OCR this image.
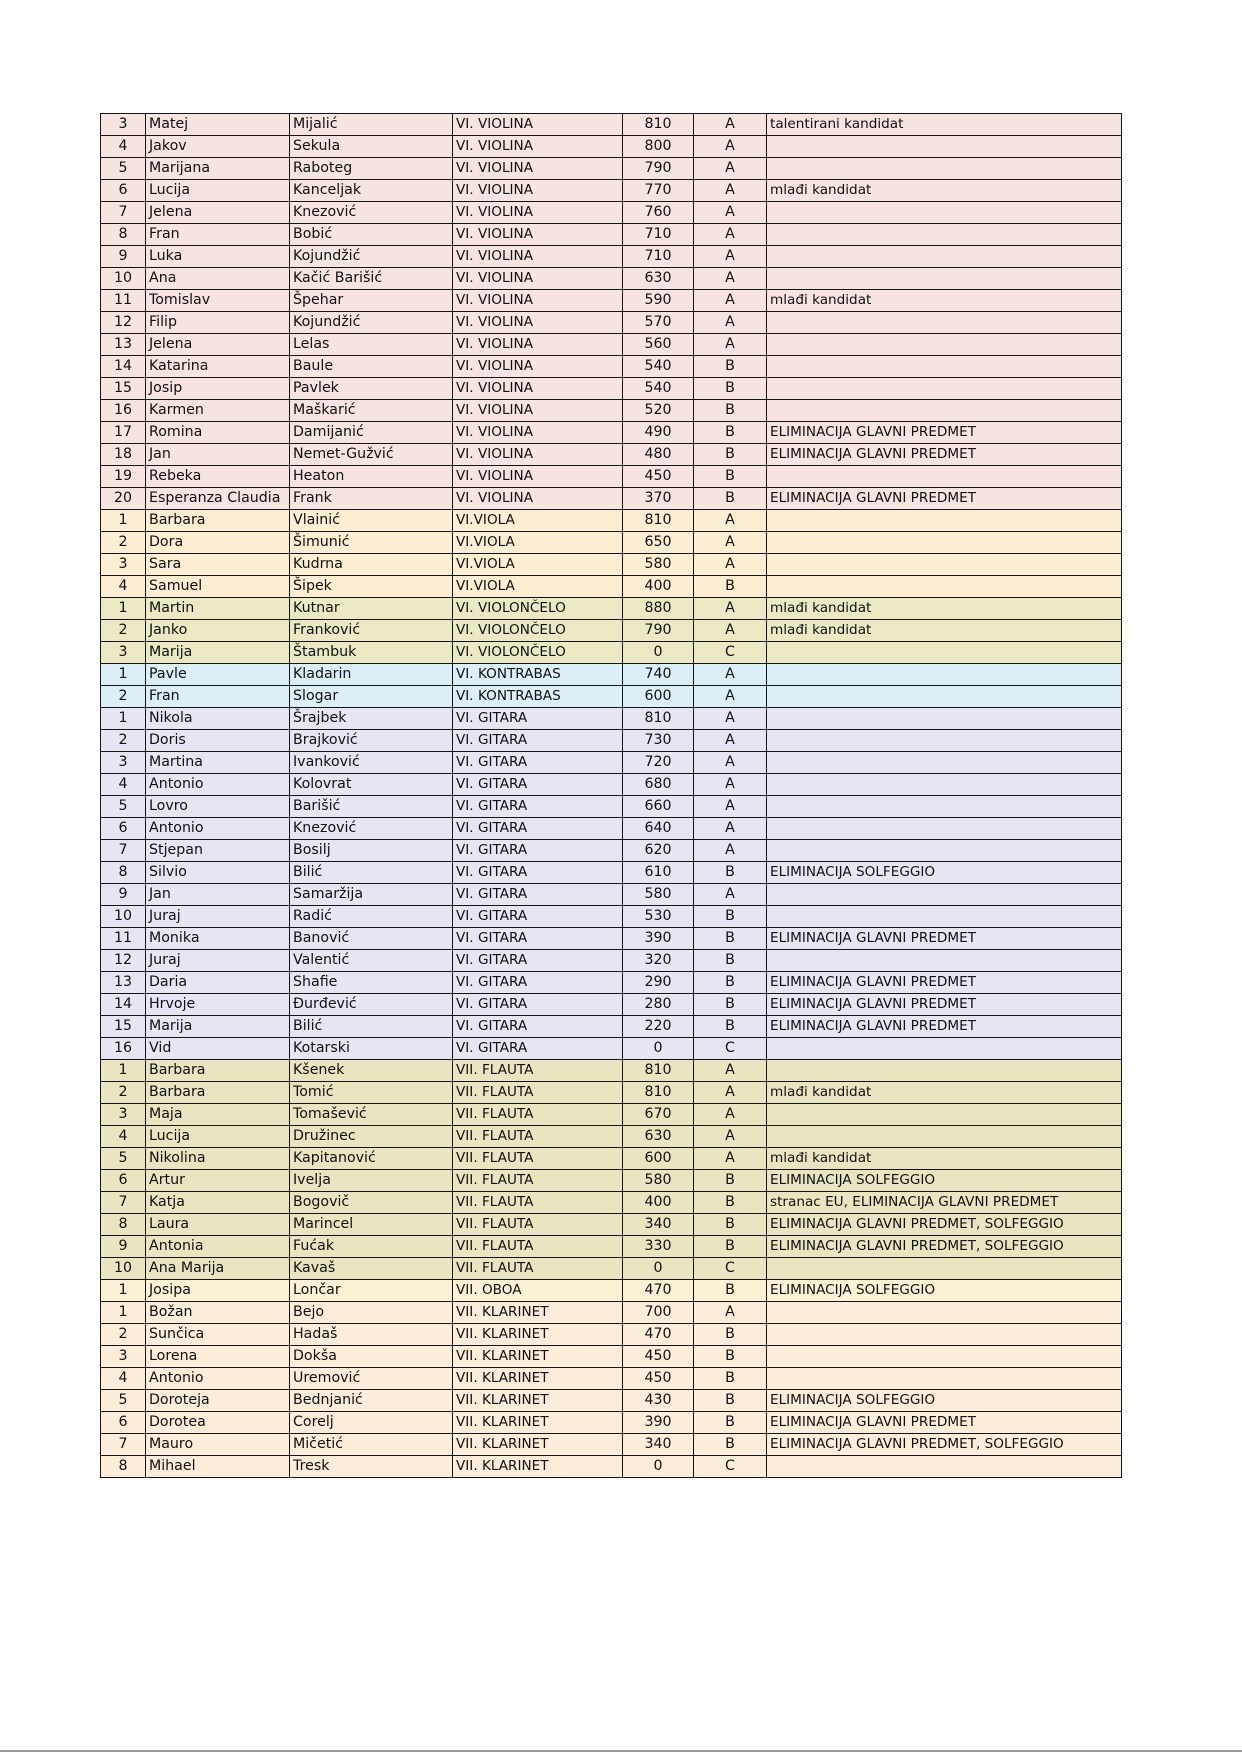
3	Matej	Mijalić	VI. VIOLINA	810	A	talentirani kandidat
4	Jakov	Sekula	VI. VIOLINA	800	A	
5	Marijana	Raboteg	VI. VIOLINA	790	A	
6	Lucija	Kanceljak	VI. VIOLINA	770	A	mlađi kandidat
7	Jelena	Knezović	VI. VIOLINA	760	A	
8	Fran	Bobić	VI. VIOLINA	710	A	
9	Luka	Kojundžić	VI. VIOLINA	710	A	
10	Ana	Kačić Barišić	VI. VIOLINA	630	A	
11	Tomislav	Špehar	VI. VIOLINA	590	A	mlađi kandidat
12	Filip	Kojundžić	VI. VIOLINA	570	A	
13	Jelena	Lelas	VI. VIOLINA	560	A	
14	Katarina	Baule	VI. VIOLINA	540	B	
15	Josip	Pavlek	VI. VIOLINA	540	B	
16	Karmen	Maškarić	VI. VIOLINA	520	B	
17	Romina	Damijanić	VI. VIOLINA	490	B	ELIMINACIJA GLAVNI PREDMET
18	Jan	Nemet-Gužvić	VI. VIOLINA	480	B	ELIMINACIJA GLAVNI PREDMET
19	Rebeka	Heaton	VI. VIOLINA	450	B	
20	Esperanza Claudia	Frank	VI. VIOLINA	370	B	ELIMINACIJA GLAVNI PREDMET
1	Barbara	Vlainić	VI.VIOLA	810	A	
2	Dora	Šimunić	VI.VIOLA	650	A	
3	Sara	Kudrna	VI.VIOLA	580	A	
4	Samuel	Šipek	VI.VIOLA	400	B	
1	Martin	Kutnar	VI. VIOLONČELO	880	A	mlađi kandidat
2	Janko	Franković	VI. VIOLONČELO	790	A	mlađi kandidat
3	Marija	Štambuk	VI. VIOLONČELO	0	C	
1	Pavle	Kladarin	VI. KONTRABAS	740	A	
2	Fran	Slogar	VI. KONTRABAS	600	A	
1	Nikola	Šrajbek	VI. GITARA	810	A	
2	Doris	Brajković	VI. GITARA	730	A	
3	Martina	Ivanković	VI. GITARA	720	A	
4	Antonio	Kolovrat	VI. GITARA	680	A	
5	Lovro	Barišić	VI. GITARA	660	A	
6	Antonio	Knezović	VI. GITARA	640	A	
7	Stjepan	Bosilj	VI. GITARA	620	A	
8	Silvio	Bilić	VI. GITARA	610	B	ELIMINACIJA SOLFEGGIO
9	Jan	Samaržija	VI. GITARA	580	A	
10	Juraj	Radić	VI. GITARA	530	B	
11	Monika	Banović	VI. GITARA	390	B	ELIMINACIJA GLAVNI PREDMET
12	Juraj	Valentić	VI. GITARA	320	B	
13	Daria	Shafie	VI. GITARA	290	B	ELIMINACIJA GLAVNI PREDMET
14	Hrvoje	Đurđević	VI. GITARA	280	B	ELIMINACIJA GLAVNI PREDMET
15	Marija	Bilić	VI. GITARA	220	B	ELIMINACIJA GLAVNI PREDMET
16	Vid	Kotarski	VI. GITARA	0	C	
1	Barbara	Kšenek	VII. FLAUTA	810	A	
2	Barbara	Tomić	VII. FLAUTA	810	A	mlađi kandidat
3	Maja	Tomašević	VII. FLAUTA	670	A	
4	Lucija	Družinec	VII. FLAUTA	630	A	
5	Nikolina	Kapitanović	VII. FLAUTA	600	A	mlađi kandidat
6	Artur	Ivelja	VII. FLAUTA	580	B	ELIMINACIJA SOLFEGGIO
7	Katja	Bogovič	VII. FLAUTA	400	B	stranac EU, ELIMINACIJA GLAVNI PREDMET
8	Laura	Marincel	VII. FLAUTA	340	B	ELIMINACIJA GLAVNI PREDMET, SOLFEGGIO
9	Antonia	Fućak	VII. FLAUTA	330	B	ELIMINACIJA GLAVNI PREDMET, SOLFEGGIO
10	Ana Marija	Kavaš	VII. FLAUTA	0	C	
1	Josipa	Lončar	VII. OBOA	470	B	ELIMINACIJA SOLFEGGIO
1	Božan	Bejo	VII. KLARINET	700	A	
2	Sunčica	Hadaš	VII. KLARINET	470	B	
3	Lorena	Dokša	VII. KLARINET	450	B	
4	Antonio	Uremović	VII. KLARINET	450	B	
5	Doroteja	Bednjanić	VII. KLARINET	430	B	ELIMINACIJA SOLFEGGIO
6	Dorotea	Corelj	VII. KLARINET	390	B	ELIMINACIJA GLAVNI PREDMET
7	Mauro	Mičetić	VII. KLARINET	340	B	ELIMINACIJA GLAVNI PREDMET, SOLFEGGIO
8	Mihael	Tresk	VII. KLARINET	0	C	
